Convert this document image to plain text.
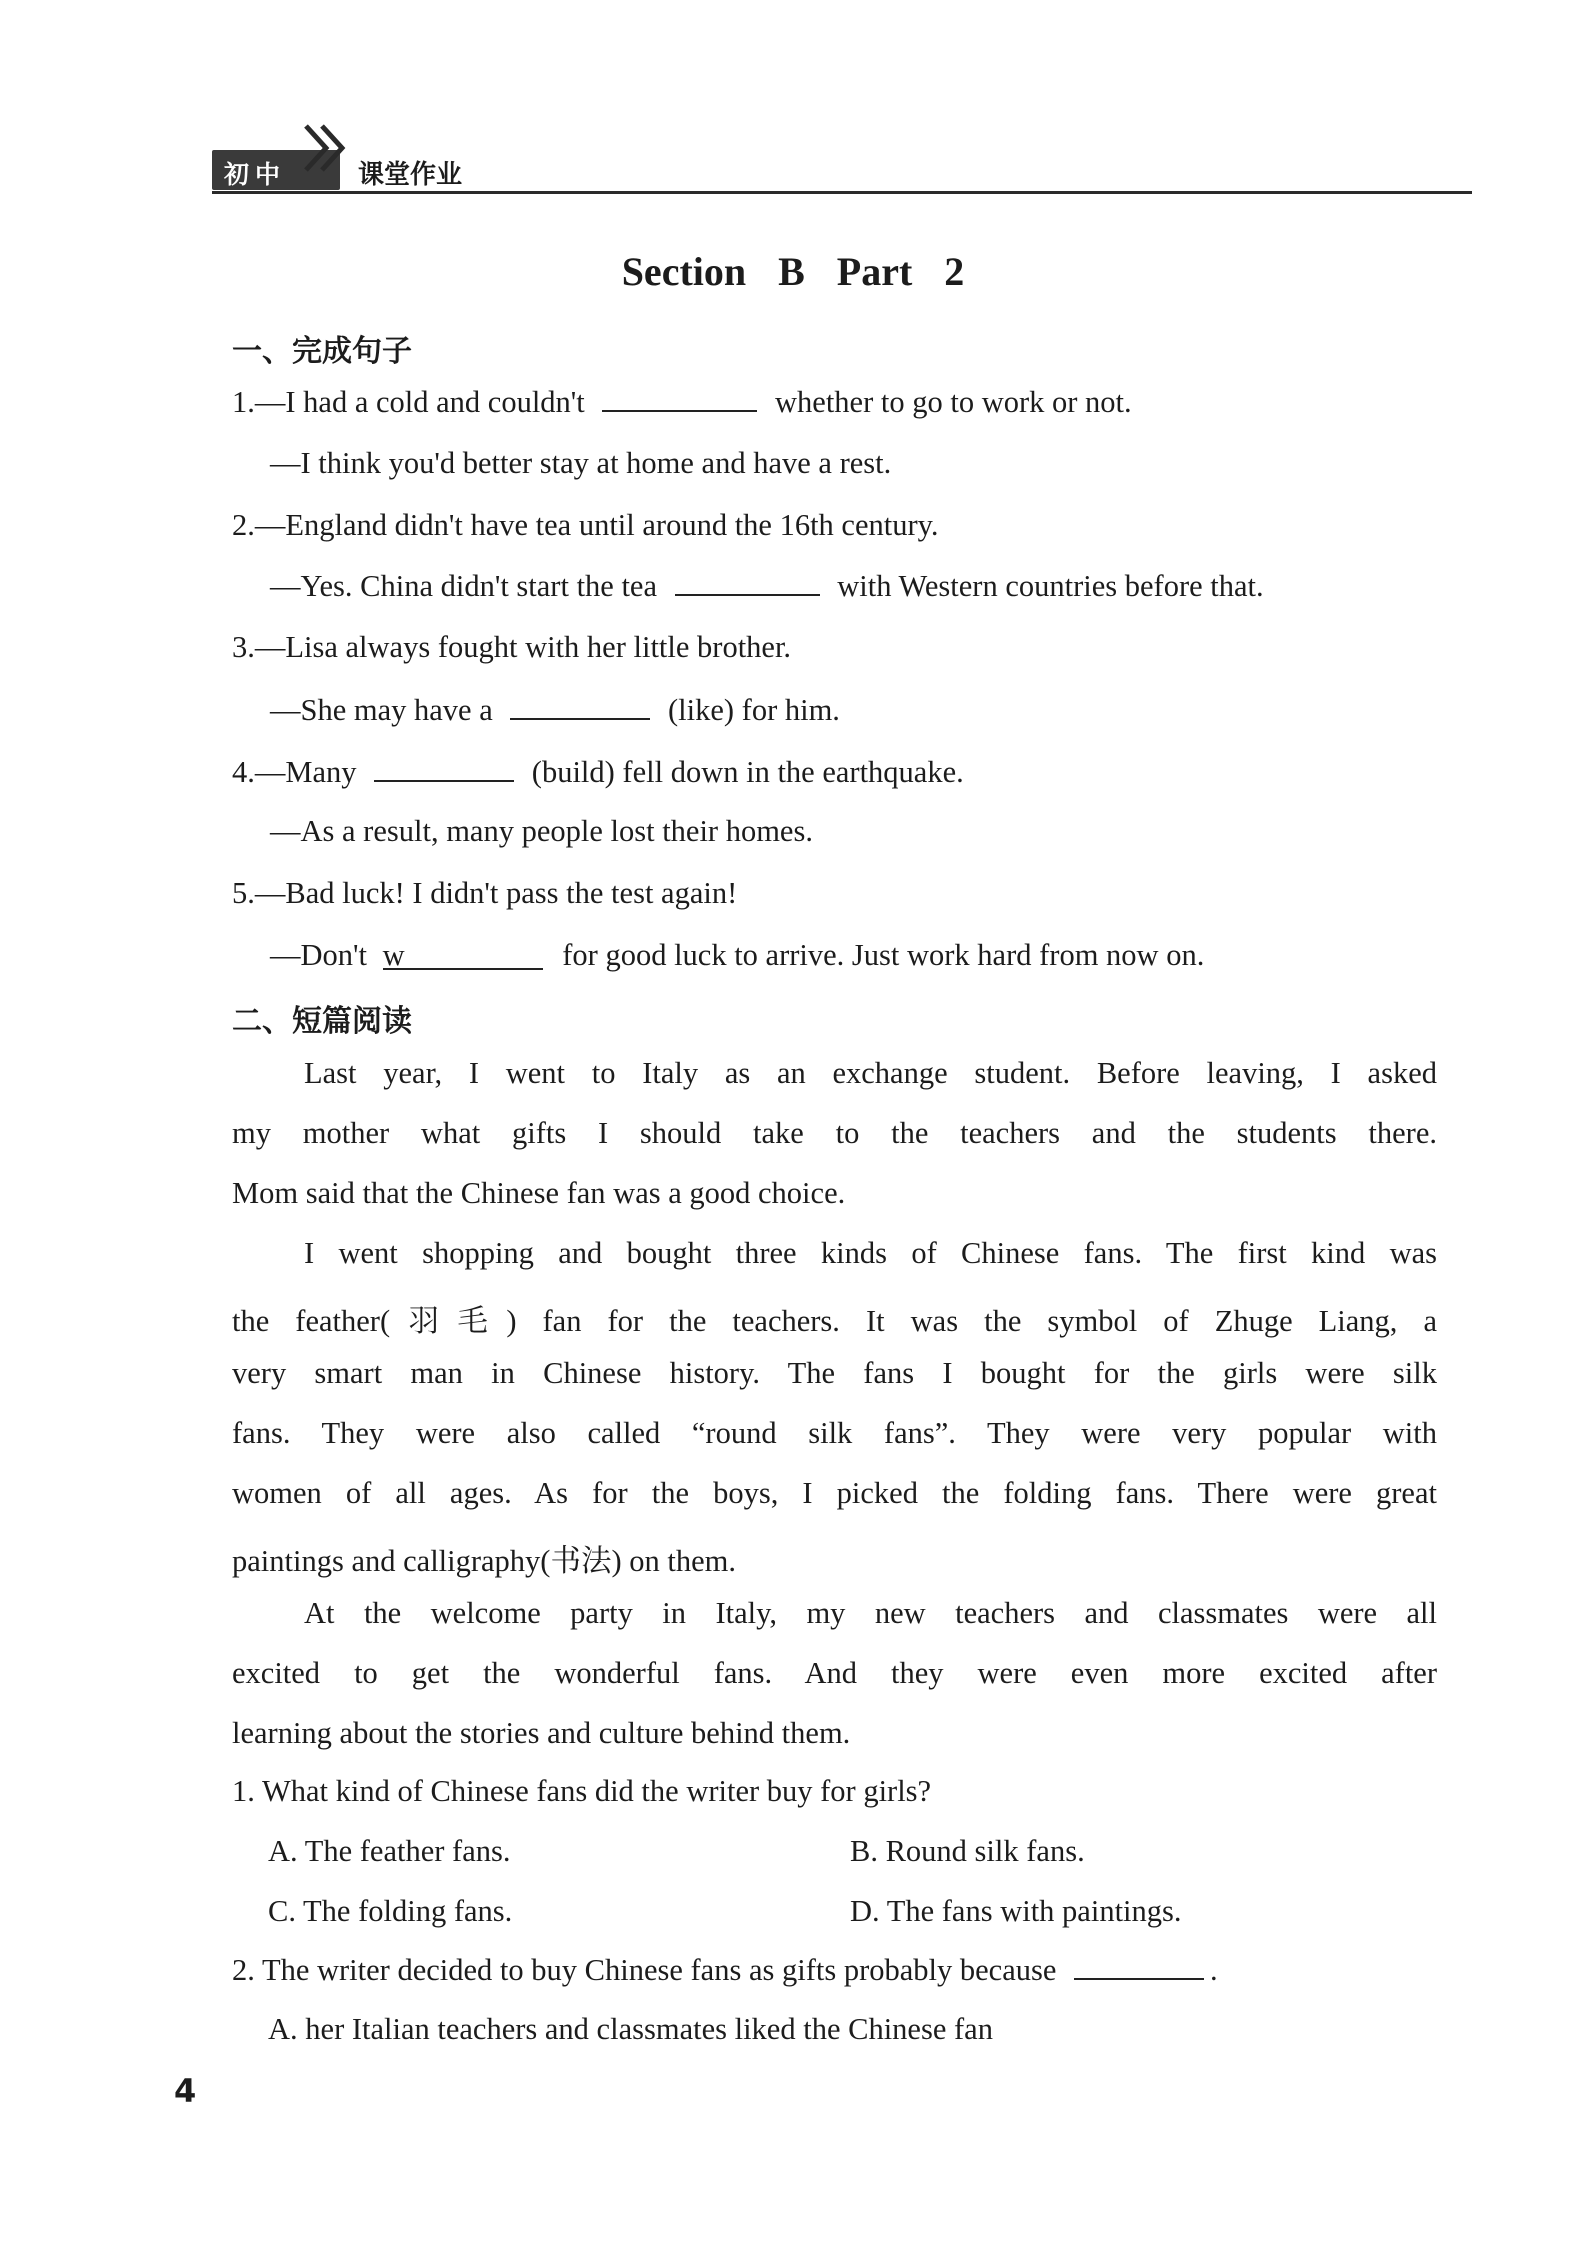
初中	课堂作业
Section B Part 2
一、完成句子
1.—I had a cold and couldn't	whether to go to work or not.
—I think you'd better stay at home and have a rest.
2.—England didn't have tea until around the 16th century.
—Yes. China didn't start the tea	with Western countries before that.
3.—Lisa always fought with her little brother.
—She may have a	(like) for him.
4.—Many	(build) fell down in the earthquake.
—As a result, many people lost their homes.
5.—Bad luck! I didn't pass the test again!
—Don't w	for good luck to arrive. Just work hard from now on.
二、短篇阅读
Last year, I went to Italy as an exchange student. Before leaving, I asked
my mother what gifts I should take to the teachers and the students there.
Mom said that the Chinese fan was a good choice.
I went shopping and bought three kinds of Chinese fans. The first kind was
the feather(羽毛) fan for the teachers. It was the symbol of Zhuge Liang, a
very smart man in Chinese history. The fans I bought for the girls were silk
fans. They were also called “round silk fans”. They were very popular with
women of all ages. As for the boys, I picked the folding fans. There were great
paintings and calligraphy(书法) on them.
At the welcome party in Italy, my new teachers and classmates were all
excited to get the wonderful fans. And they were even more excited after
learning about the stories and culture behind them.
1. What kind of Chinese fans did the writer buy for girls?
A. The feather fans.	B. Round silk fans.
C. The folding fans.	D. The fans with paintings.
2. The writer decided to buy Chinese fans as gifts probably because	.
A. her Italian teachers and classmates liked the Chinese fan
4
